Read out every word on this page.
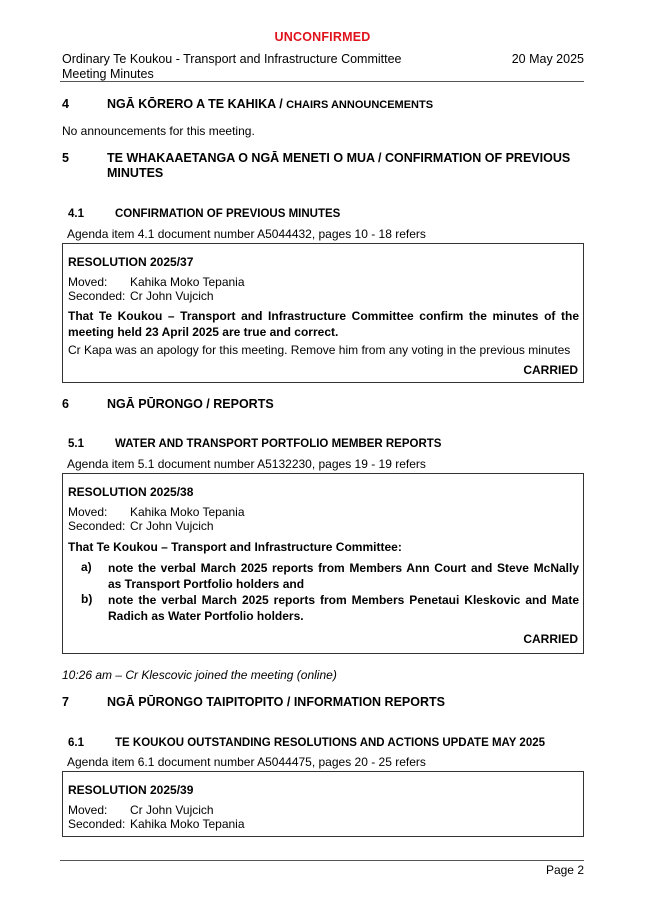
UNCONFIRMED
Ordinary Te Koukou - Transport and Infrastructure Committee
Meeting Minutes
20 May 2025
4	NGĀ KŌRERO A TE KAHIKA / CHAIRS ANNOUNCEMENTS
No announcements for this meeting.
5	TE WHAKAAETANGA O NGĀ MENETI O MUA / CONFIRMATION OF PREVIOUS
MINUTES
4.1	CONFIRMATION OF PREVIOUS MINUTES
Agenda item 4.1 document number A5044432, pages 10 - 18 refers
RESOLUTION 2025/37
Moved: Kahika Moko Tepania
Seconded: Cr John Vujcich
That Te Koukou – Transport and Infrastructure Committee confirm the minutes of the meeting held 23 April 2025 are true and correct.
Cr Kapa was an apology for this meeting. Remove him from any voting in the previous minutes
CARRIED
6	NGĀ PŪRONGO / REPORTS
5.1	WATER AND TRANSPORT PORTFOLIO MEMBER REPORTS
Agenda item 5.1 document number A5132230, pages 19 - 19 refers
RESOLUTION 2025/38
Moved: Kahika Moko Tepania
Seconded: Cr John Vujcich
That Te Koukou – Transport and Infrastructure Committee:
a) note the verbal March 2025 reports from Members Ann Court and Steve McNally as Transport Portfolio holders and
b) note the verbal March 2025 reports from Members Penetaui Kleskovic and Mate Radich as Water Portfolio holders.
CARRIED
10:26 am – Cr Klescovic joined the meeting (online)
7	NGĀ PŪRONGO TAIPITOPITO / INFORMATION REPORTS
6.1	TE KOUKOU OUTSTANDING RESOLUTIONS AND ACTIONS UPDATE MAY 2025
Agenda item 6.1 document number A5044475, pages 20 - 25 refers
RESOLUTION 2025/39
Moved: Cr John Vujcich
Seconded: Kahika Moko Tepania
Page 2
